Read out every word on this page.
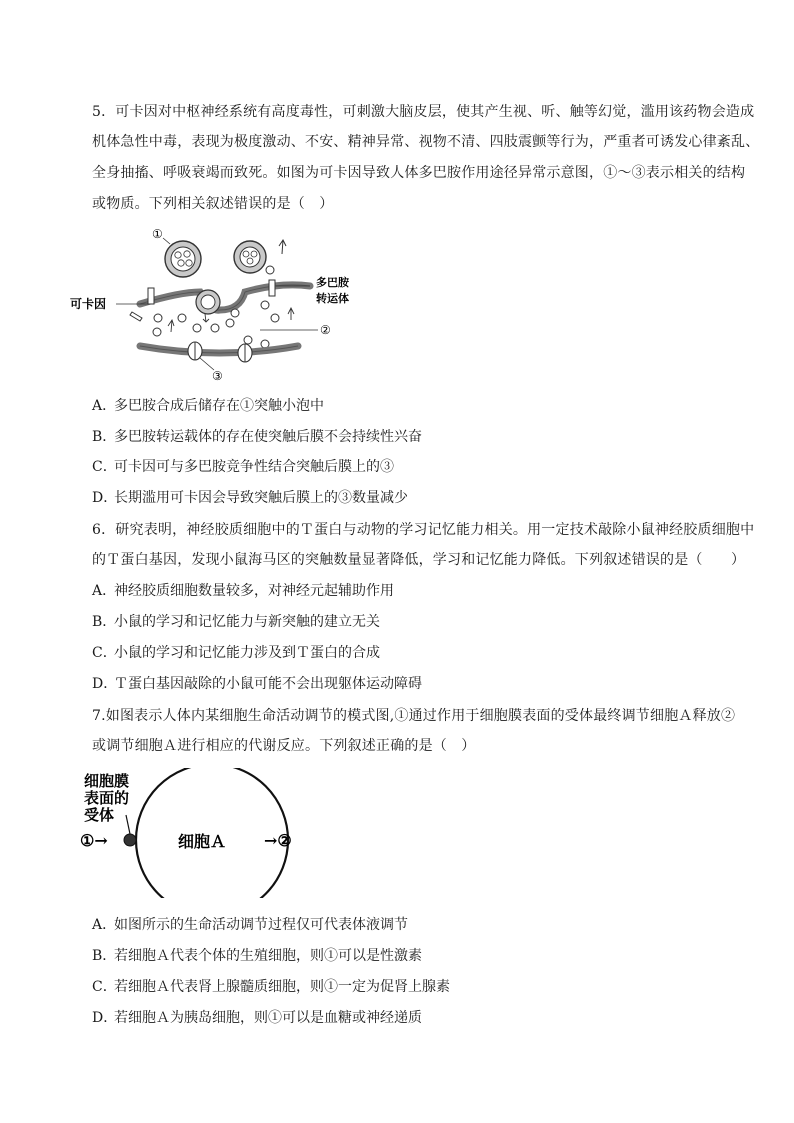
5．可卡因对中枢神经系统有高度毒性，可刺激大脑皮层，使其产生视、听、触等幻觉，滥用该药物会造成
机体急性中毒，表现为极度激动、不安、精神异常、视物不清、四肢震颤等行为，严重者可诱发心律紊乱、
全身抽搐、呼吸衰竭而致死。如图为可卡因导致人体多巴胺作用途径异常示意图，①～③表示相关的结构
或物质。下列相关叙述错误的是（　）
①
多巴胺
转运体
可卡因
②
③
A．多巴胺合成后储存在①突触小泡中
B．多巴胺转运载体的存在使突触后膜不会持续性兴奋
C．可卡因可与多巴胺竞争性结合突触后膜上的③
D．长期滥用可卡因会导致突触后膜上的③数量减少
6．研究表明，神经胶质细胞中的Ｔ蛋白与动物的学习记忆能力相关。用一定技术敲除小鼠神经胶质细胞中
的Ｔ蛋白基因，发现小鼠海马区的突触数量显著降低，学习和记忆能力降低。下列叙述错误的是（　　）
A．神经胶质细胞数量较多，对神经元起辅助作用
B．小鼠的学习和记忆能力与新突触的建立无关
C．小鼠的学习和记忆能力涉及到Ｔ蛋白的合成
D．Ｔ蛋白基因敲除的小鼠可能不会出现躯体运动障碍
7.如图表示人体内某细胞生命活动调节的模式图,①通过作用于细胞膜表面的受体最终调节细胞Ａ释放②
或调节细胞Ａ进行相应的代谢反应。下列叙述正确的是（　）
细胞膜
表面的
受体
①→	细胞Ａ →②
A．如图所示的生命活动调节过程仅可代表体液调节
B．若细胞Ａ代表个体的生殖细胞，则①可以是性激素
C．若细胞Ａ代表肾上腺髓质细胞，则①一定为促肾上腺素
D．若细胞Ａ为胰岛细胞，则①可以是血糖或神经递质
